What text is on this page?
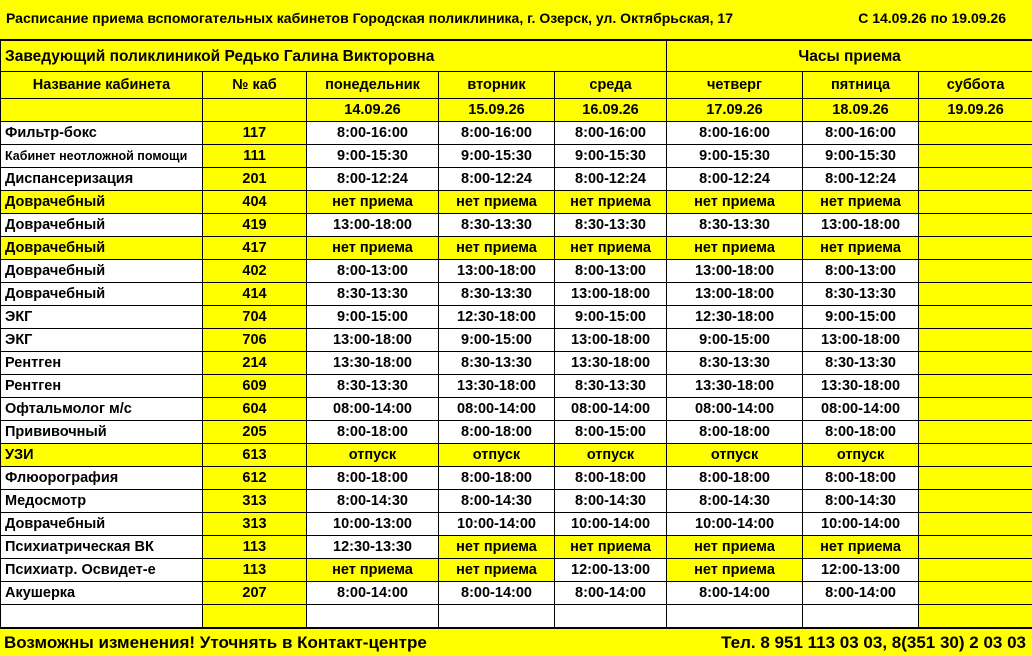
Расписание приема вспомогательных кабинетов Городская поликлиника, г. Озерск, ул. Октябрьская, 17	С 14.09.26 по 19.09.26
Заведующий поликлиникой Редько Галина Викторовна					Часы приема		
Название кабинета	№ каб	понедельник	вторник	среда	четверг	пятница	суббота
		14.09.26	15.09.26	16.09.26	17.09.26	18.09.26	19.09.26
Фильтр-бокс	117	8:00-16:00	8:00-16:00	8:00-16:00	8:00-16:00	8:00-16:00	
Кабинет неотложной помощи	111	9:00-15:30	9:00-15:30	9:00-15:30	9:00-15:30	9:00-15:30	
Диспансеризация	201	8:00-12:24	8:00-12:24	8:00-12:24	8:00-12:24	8:00-12:24	
Доврачебный	404	нет приема	нет приема	нет приема	нет приема	нет приема	
Доврачебный	419	13:00-18:00	8:30-13:30	8:30-13:30	8:30-13:30	13:00-18:00	
Доврачебный	417	нет приема	нет приема	нет приема	нет приема	нет приема	
Доврачебный	402	8:00-13:00	13:00-18:00	8:00-13:00	13:00-18:00	8:00-13:00	
Доврачебный	414	8:30-13:30	8:30-13:30	13:00-18:00	13:00-18:00	8:30-13:30	
ЭКГ	704	9:00-15:00	12:30-18:00	9:00-15:00	12:30-18:00	9:00-15:00	
ЭКГ	706	13:00-18:00	9:00-15:00	13:00-18:00	9:00-15:00	13:00-18:00	
Рентген	214	13:30-18:00	8:30-13:30	13:30-18:00	8:30-13:30	8:30-13:30	
Рентген	609	8:30-13:30	13:30-18:00	8:30-13:30	13:30-18:00	13:30-18:00	
Офтальмолог м/с	604	08:00-14:00	08:00-14:00	08:00-14:00	08:00-14:00	08:00-14:00	
Прививочный	205	8:00-18:00	8:00-18:00	8:00-15:00	8:00-18:00	8:00-18:00	
УЗИ	613	отпуск	отпуск	отпуск	отпуск	отпуск	
Флюорография	612	8:00-18:00	8:00-18:00	8:00-18:00	8:00-18:00	8:00-18:00	
Медосмотр	313	8:00-14:30	8:00-14:30	8:00-14:30	8:00-14:30	8:00-14:30	
Доврачебный	313	10:00-13:00	10:00-14:00	10:00-14:00	10:00-14:00	10:00-14:00	
Психиатрическая ВК	113	12:30-13:30	нет приема	нет приема	нет приема	нет приема	
Психиатр. Освидет-е	113	нет приема	нет приема	12:00-13:00	нет приема	12:00-13:00	
Акушерка	207	8:00-14:00	8:00-14:00	8:00-14:00	8:00-14:00	8:00-14:00	

Возможны изменения! Уточнять в Контакт-центре	Тел. 8 951 113 03 03, 8(351 30) 2 03 03
